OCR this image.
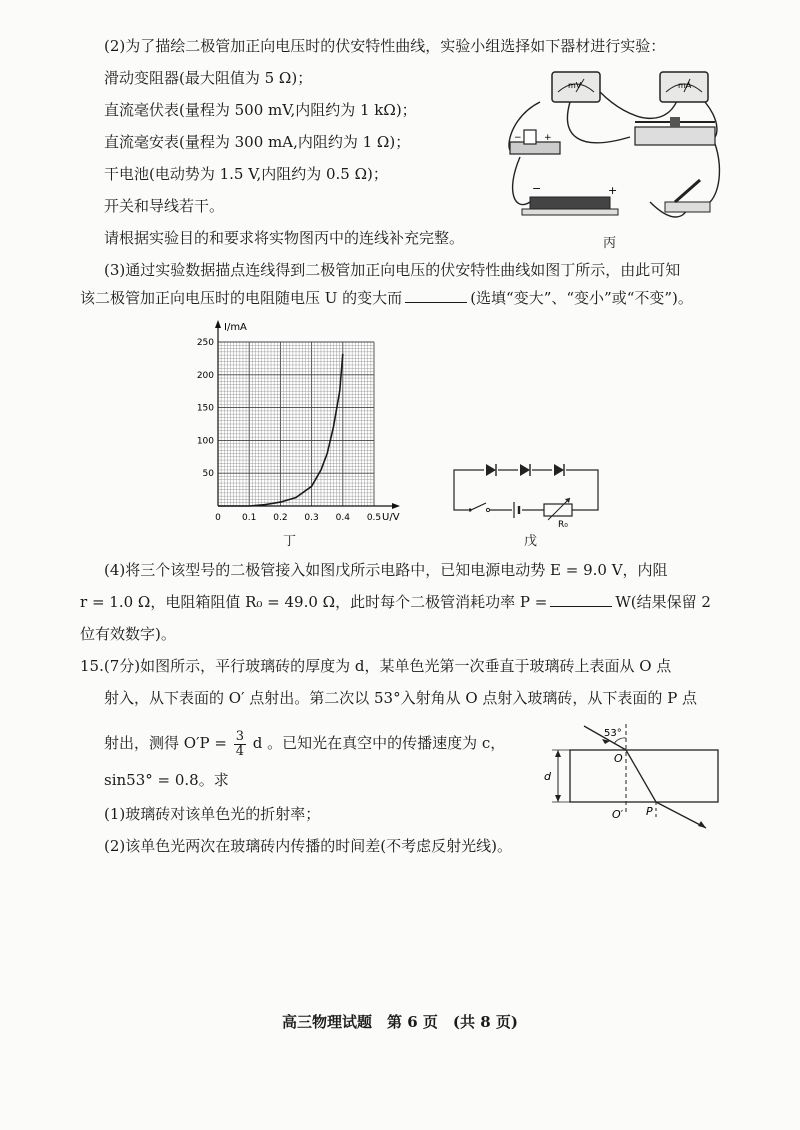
(2)为了描绘二极管加正向电压时的伏安特性曲线，实验小组选择如下器材进行实验：
滑动变阻器(最大阻值为 5 Ω)；
直流毫伏表(量程为 500 mV,内阻约为 1 kΩ)；
直流毫安表(量程为 300 mA,内阻约为 1 Ω)；
干电池(电动势为 1.5 V,内阻约为 0.5 Ω)；
开关和导线若干。
请根据实验目的和要求将实物图丙中的连线补充完整。
mV	mA
− +
−	+
丙
(3)通过实验数据描点连线得到二极管加正向电压的伏安特性曲线如图丁所示，由此可知
该二极管加正向电压时的电阻随电压 U 的变大而	(选填“变大”、“变小”或“不变”)。
0 0.1 0.2 0.3 0.4 0.5
50
100
150
200
250
I/mA
U/V
丁
R₀
戊
(4)将三个该型号的二极管接入如图戊所示电路中，已知电源电动势 E = 9.0 V，内阻
r = 1.0 Ω，电阻箱阻值 R₀ = 49.0 Ω，此时每个二极管消耗功率 P =	W(结果保留 2
位有效数字)。
15.(7分)如图所示，平行玻璃砖的厚度为 d，某单色光第一次垂直于玻璃砖上表面从 O 点
射入，从下表面的 O′ 点射出。第二次以 53°入射角从 O 点射入玻璃砖，从下表面的 P 点
射出，测得 $O'P = \frac{3}{4}$ d 。已知光在真空中的传播速度为 c，
sin53° = 0.8。求
(1)玻璃砖对该单色光的折射率；
(2)该单色光两次在玻璃砖内传播的时间差(不考虑反射光线)。
53°
O
O′ P
d
高三物理试题　第 6 页　(共 8 页)
